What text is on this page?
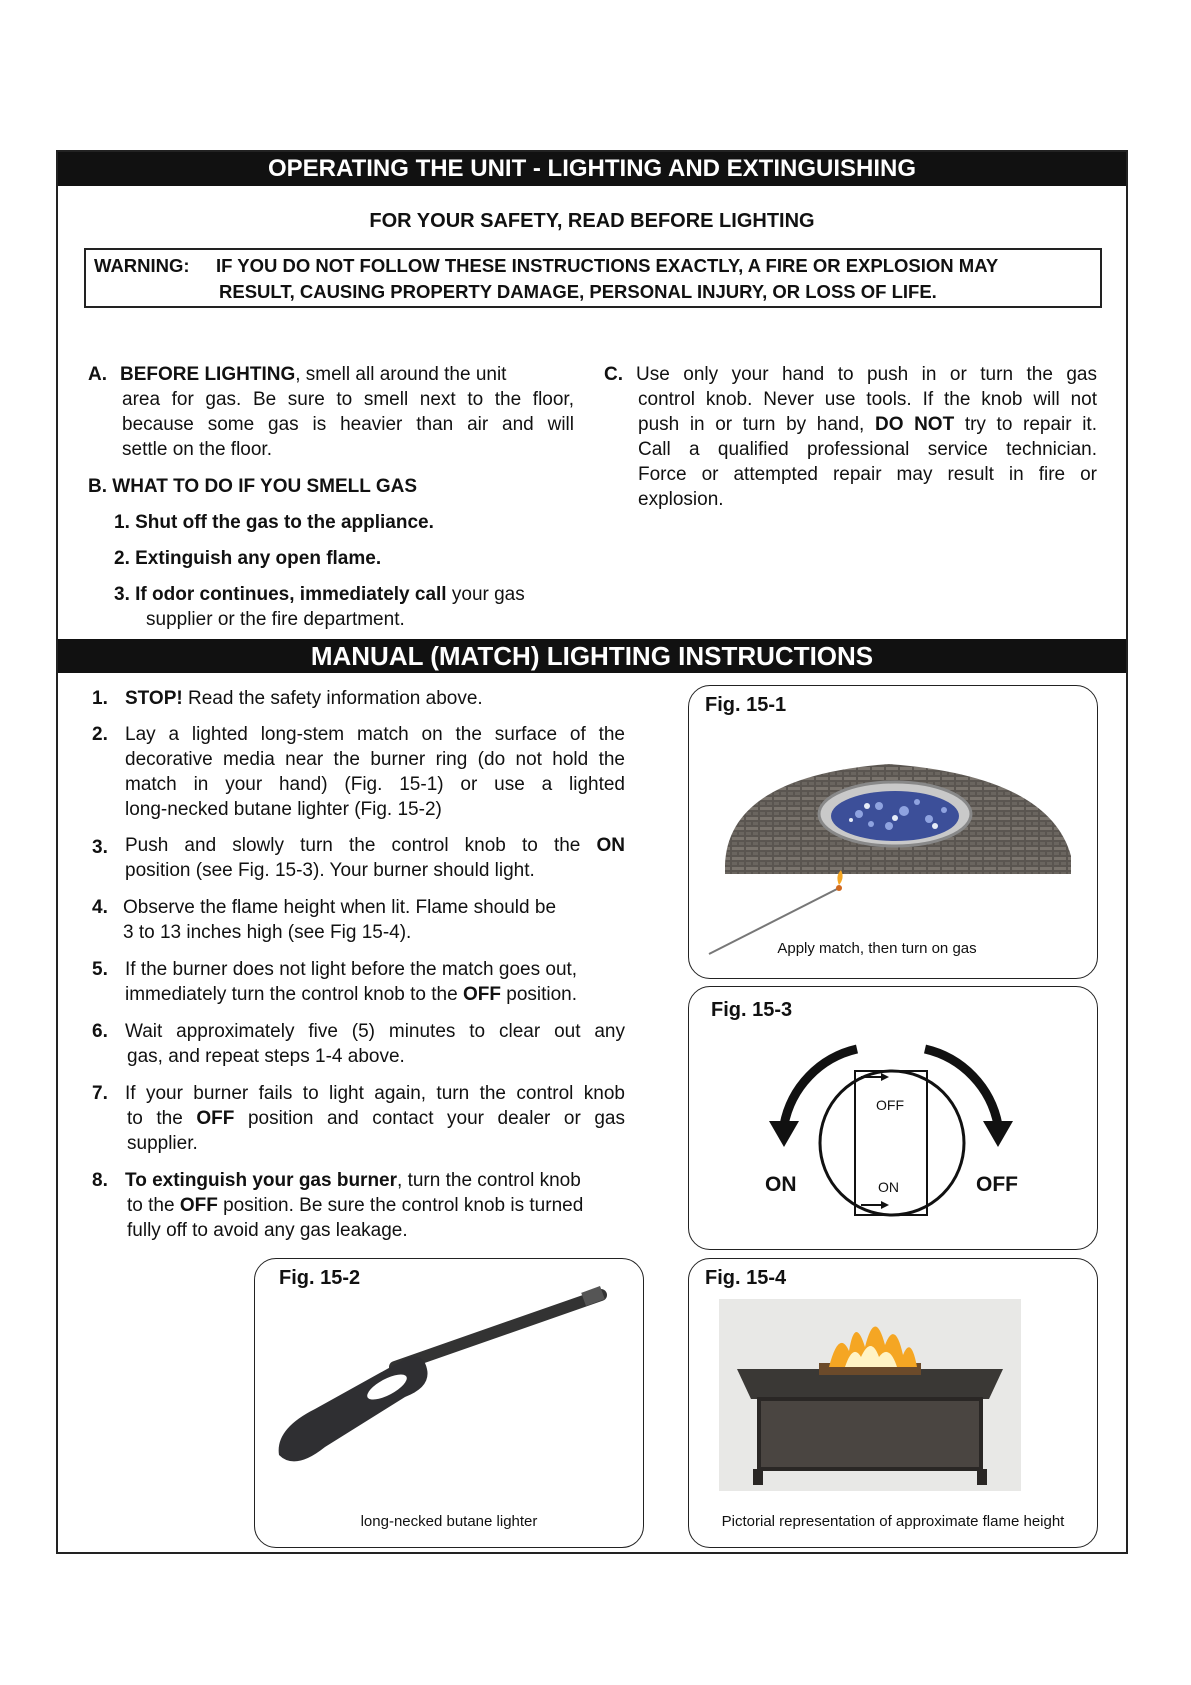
OPERATING THE UNIT - LIGHTING AND EXTINGUISHING
FOR YOUR SAFETY, READ BEFORE LIGHTING
WARNING: IF YOU DO NOT FOLLOW THESE INSTRUCTIONS EXACTLY, A FIRE OR EXPLOSION MAY
RESULT, CAUSING PROPERTY DAMAGE, PERSONAL INJURY, OR LOSS OF LIFE.
A. BEFORE LIGHTING, smell all around the unit
area for gas. Be sure to smell next to the floor,
because some gas is heavier than air and will
settle on the floor.
B. WHAT TO DO IF YOU SMELL GAS
1. Shut off the gas to the appliance.
2. Extinguish any open flame.
3. If odor continues, immediately call your gas
supplier or the fire department.
C. Use only your hand to push in or turn the gas
control knob. Never use tools. If the knob will not
push in or turn by hand, DO NOT try to repair it.
Call a qualified professional service technician.
Force or attempted repair may result in fire or
explosion.
MANUAL (MATCH) LIGHTING INSTRUCTIONS
1. STOP! Read the safety information above.
2. Lay a lighted long-stem match on the surface of the
decorative media near the burner ring (do not hold the
match in your hand) (Fig. 15-1) or use a lighted
long-necked butane lighter (Fig. 15-2)
3. Push and slowly turn the control knob to the ON
position (see Fig. 15-3). Your burner should light.
4. Observe the flame height when lit. Flame should be
3 to 13 inches high (see Fig 15-4).
5. If the burner does not light before the match goes out,
immediately turn the control knob to the OFF position.
6. Wait approximately five (5) minutes to clear out any
gas, and repeat steps 1-4 above.
7. If your burner fails to light again, turn the control knob
to the OFF position and contact your dealer or gas
supplier.
8. To extinguish your gas burner, turn the control knob
to the OFF position. Be sure the control knob is turned
fully off to avoid any gas leakage.
Fig. 15-1
Apply match, then turn on gas
Fig. 15-3
OFF
ON
ON	OFF
Fig. 15-2
long-necked butane lighter
Fig. 15-4
Pictorial representation of approximate flame height
